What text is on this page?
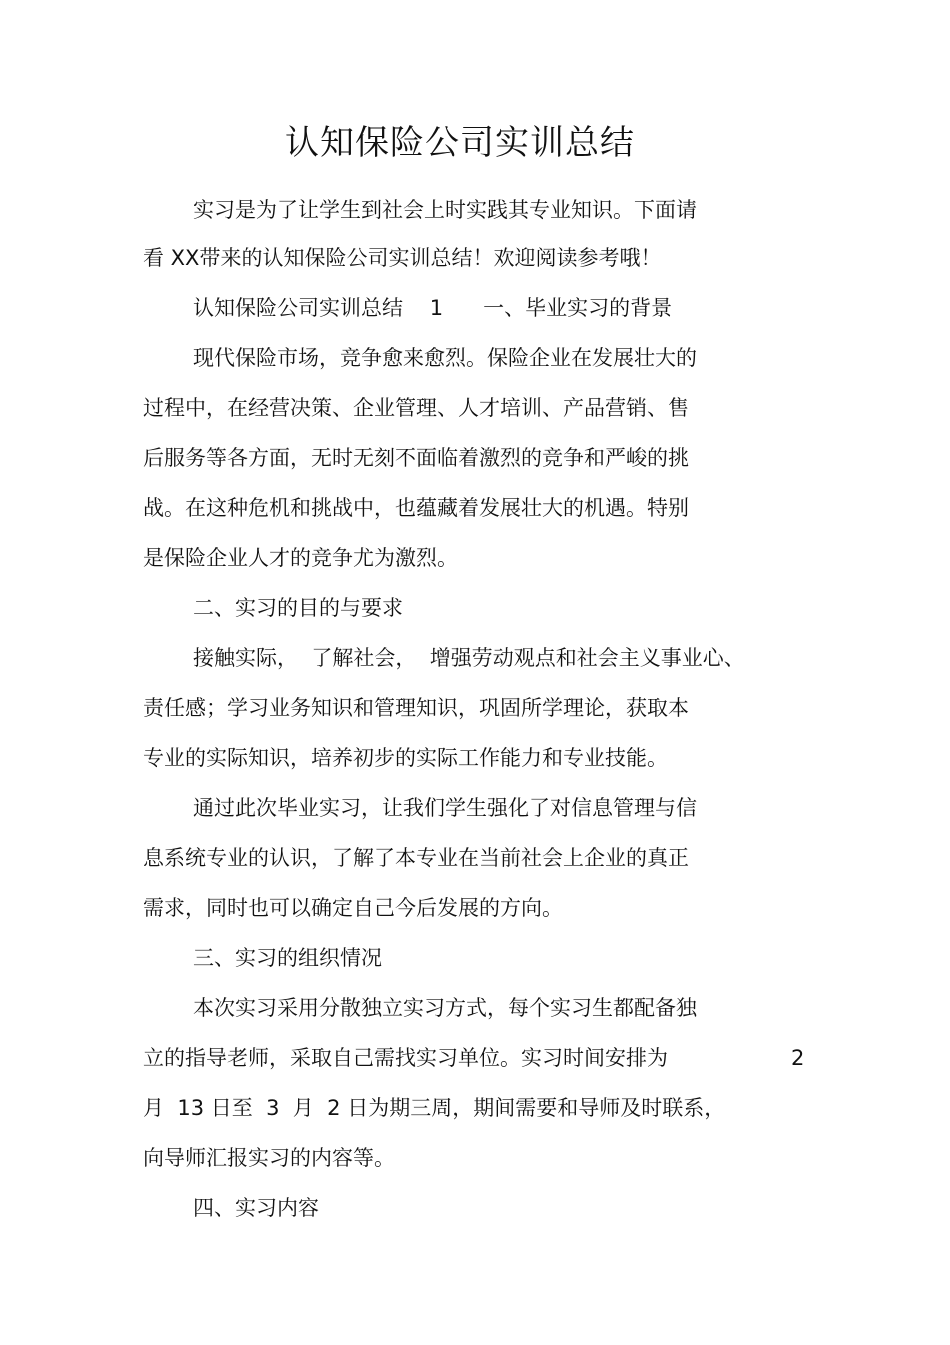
认知保险公司实训总结
实习是为了让学生到社会上时实践其专业知识。下面请
看 XX带来的认知保险公司实训总结！欢迎阅读参考哦！
认知保险公司实训总结    1      一、毕业实习的背景
现代保险市场，竞争愈来愈烈。保险企业在发展壮大的
过程中，在经营决策、企业管理、人才培训、产品营销、售
后服务等各方面，无时无刻不面临着激烈的竞争和严峻的挑
战。在这种危机和挑战中，也蕴藏着发展壮大的机遇。特别
是保险企业人才的竞争尤为激烈。
二、实习的目的与要求
接触实际，  了解社会，  增强劳动观点和社会主义事业心、
责任感；学习业务知识和管理知识，巩固所学理论，获取本
专业的实际知识，培养初步的实际工作能力和专业技能。
通过此次毕业实习，让我们学生强化了对信息管理与信
息系统专业的认识，了解了本专业在当前社会上企业的真正
需求，同时也可以确定自己今后发展的方向。
三、实习的组织情况
本次实习采用分散独立实习方式，每个实习生都配备独
立的指导老师，采取自己需找实习单位。实习时间安排为	2
月  13 日至  3  月  2 日为期三周，期间需要和导师及时联系，
向导师汇报实习的内容等。
四、实习内容
